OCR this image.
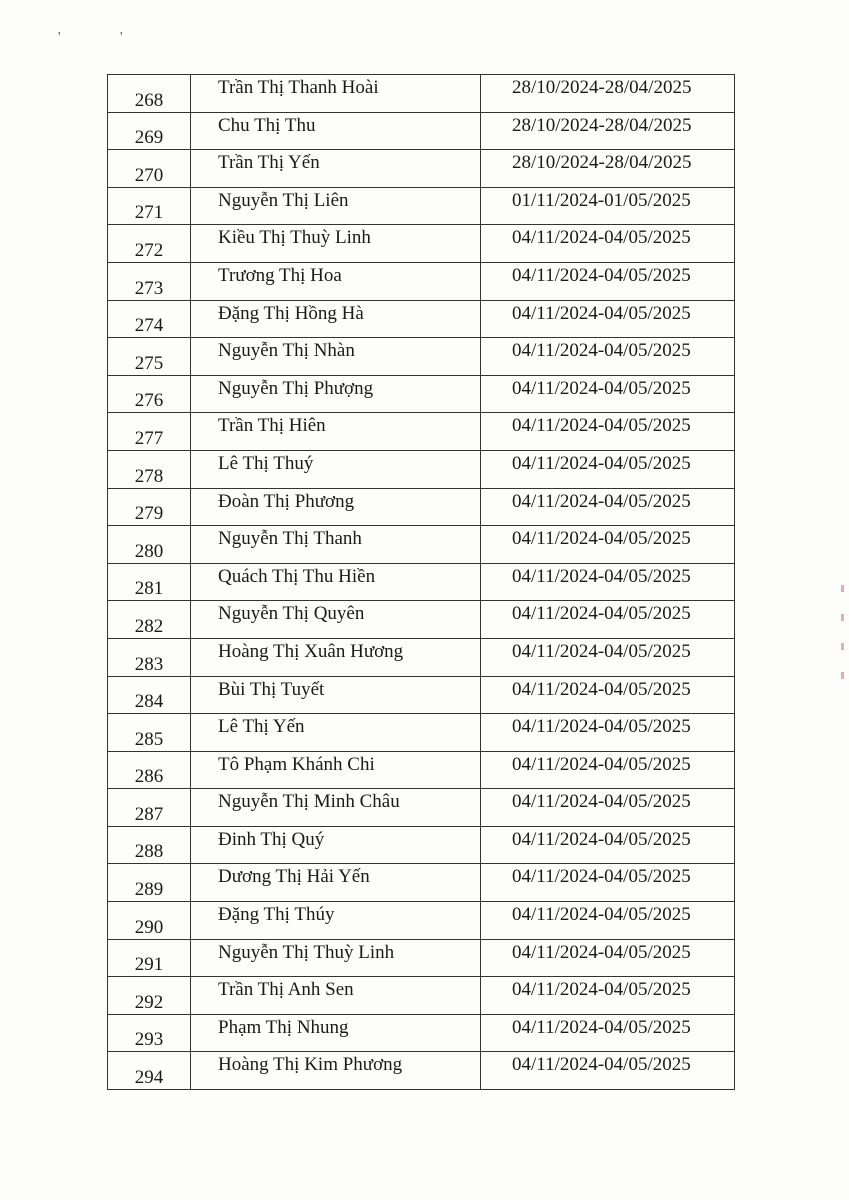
' '
268	Trần Thị Thanh Hoài	28/10/2024-28/04/2025
269	Chu Thị Thu	28/10/2024-28/04/2025
270	Trần Thị Yến	28/10/2024-28/04/2025
271	Nguyễn Thị Liên	01/11/2024-01/05/2025
272	Kiều Thị Thuỳ Linh	04/11/2024-04/05/2025
273	Trương Thị Hoa	04/11/2024-04/05/2025
274	Đặng Thị Hồng Hà	04/11/2024-04/05/2025
275	Nguyễn Thị Nhàn	04/11/2024-04/05/2025
276	Nguyễn Thị Phượng	04/11/2024-04/05/2025
277	Trần Thị Hiên	04/11/2024-04/05/2025
278	Lê Thị Thuý	04/11/2024-04/05/2025
279	Đoàn Thị Phương	04/11/2024-04/05/2025
280	Nguyễn Thị Thanh	04/11/2024-04/05/2025
281	Quách Thị Thu Hiền	04/11/2024-04/05/2025
282	Nguyễn Thị Quyên	04/11/2024-04/05/2025
283	Hoàng Thị Xuân Hương	04/11/2024-04/05/2025
284	Bùi Thị Tuyết	04/11/2024-04/05/2025
285	Lê Thị Yến	04/11/2024-04/05/2025
286	Tô Phạm Khánh Chi	04/11/2024-04/05/2025
287	Nguyễn Thị Minh Châu	04/11/2024-04/05/2025
288	Đinh Thị Quý	04/11/2024-04/05/2025
289	Dương Thị Hải Yến	04/11/2024-04/05/2025
290	Đặng Thị Thúy	04/11/2024-04/05/2025
291	Nguyễn Thị Thuỳ Linh	04/11/2024-04/05/2025
292	Trần Thị Anh Sen	04/11/2024-04/05/2025
293	Phạm Thị Nhung	04/11/2024-04/05/2025
294	Hoàng Thị Kim Phương	04/11/2024-04/05/2025
